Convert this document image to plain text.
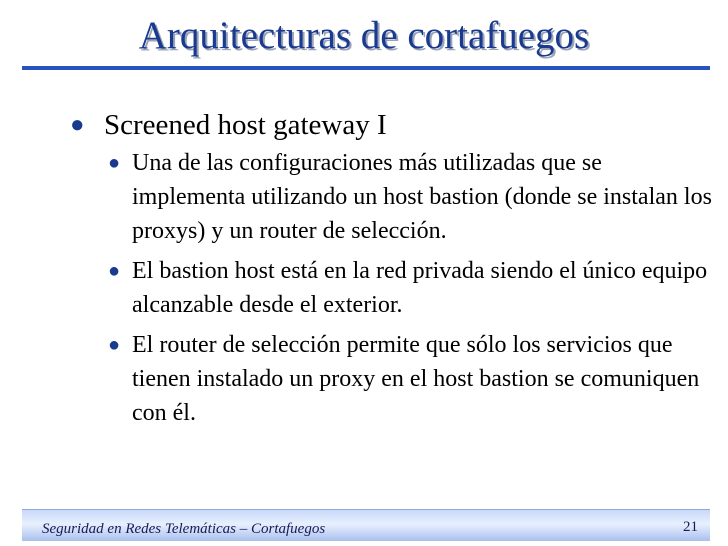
Arquitecturas de cortafuegos
● Screened host gateway I
● Una de las configuraciones más utilizadas que se implementa utilizando un host bastion (donde se instalan los proxys) y un router de selección.
● El bastion host está en la red privada siendo el único equipo alcanzable desde el exterior.
● El router de selección permite que sólo los servicios que tienen instalado un proxy en el host bastion se comuniquen con él.
Seguridad en Redes Telemáticas – Cortafuegos	21
